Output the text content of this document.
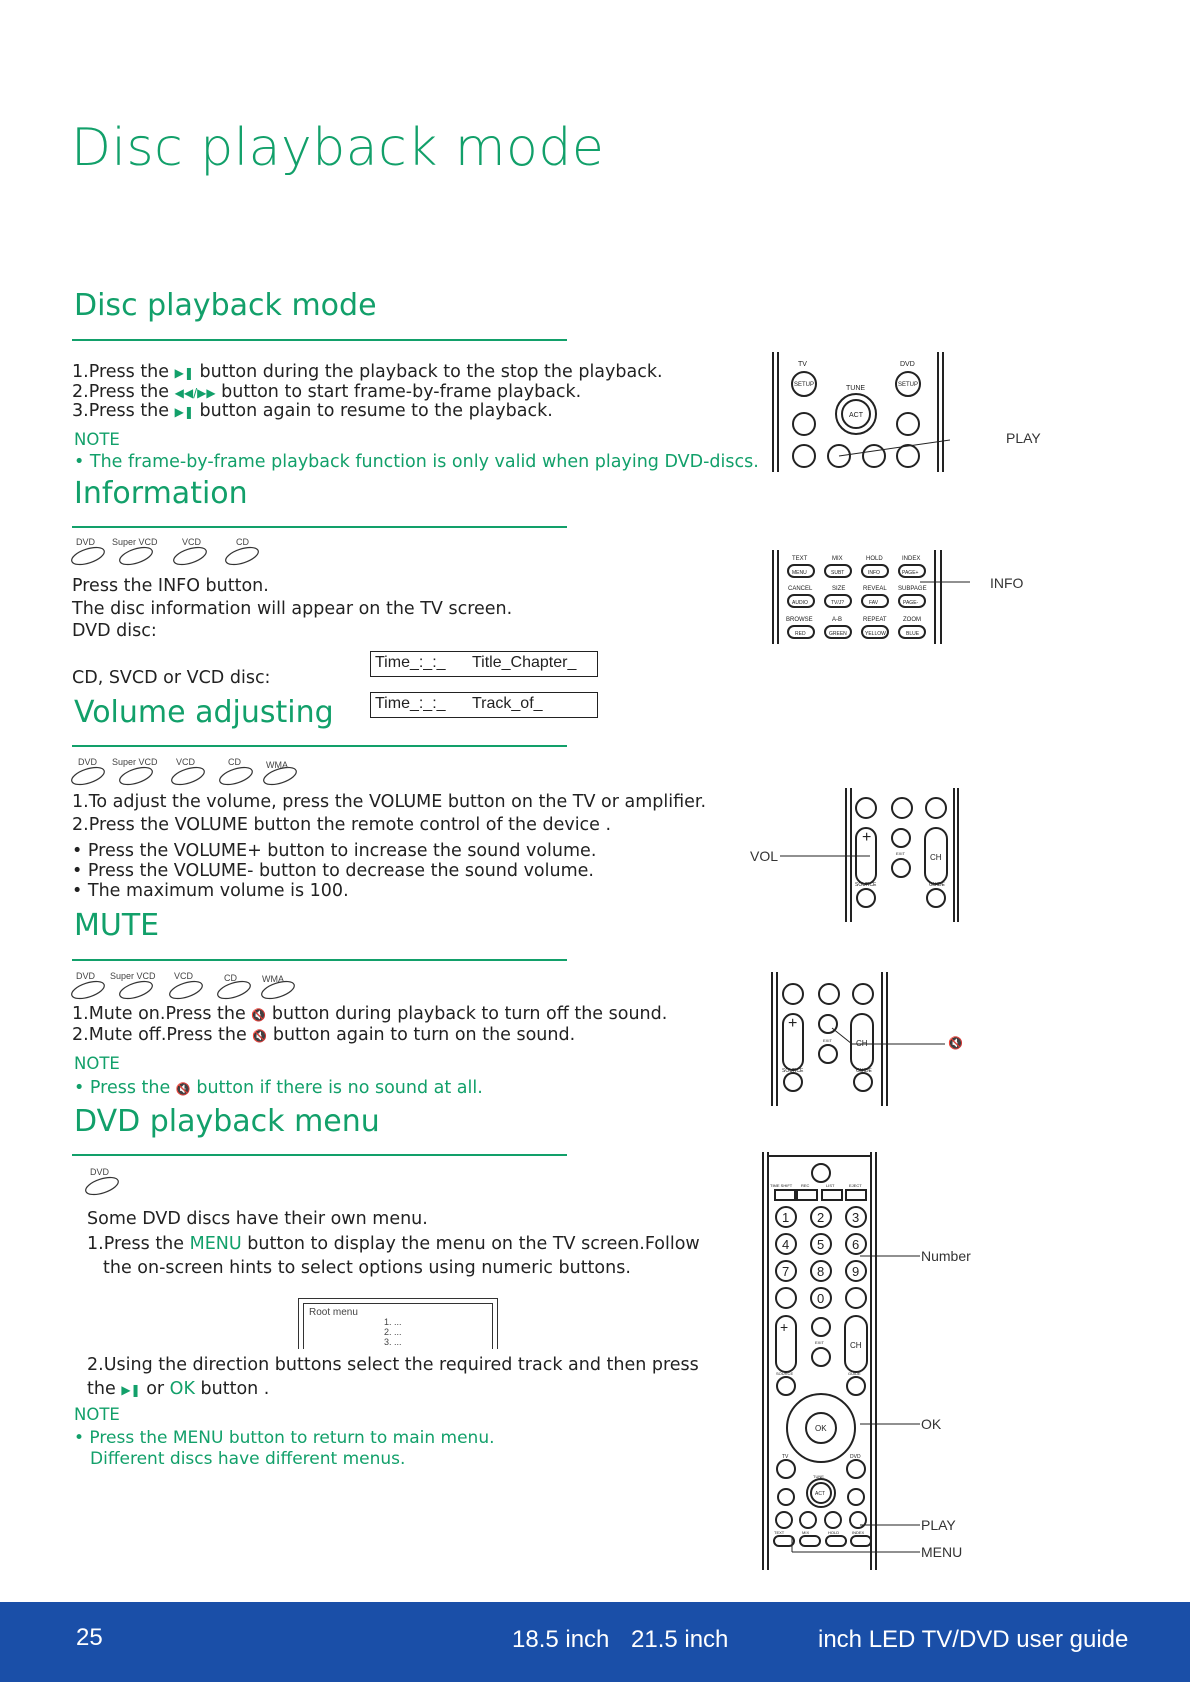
Disc playback mode
Disc playback mode
1.Press the ▶❚ button during the playback to the stop the playback.
2.Press the ◀◀/▶▶ button to start frame-by-frame playback.
3.Press the ▶❚ button again to resume to the playback.
NOTE
• The frame-by-frame playback function is only valid when playing DVD-discs.
Information
DVD Super VCD	VCD	CD
Press the INFO button.
The disc information will appear on the TV screen.
DVD disc:
CD, SVCD or VCD disc:
Time_:_:_ Title_Chapter_
Time_:_:_ Track_of_
Volume adjusting
DVD Super VCD VCD	CD	WMA
1.To adjust the volume, press the VOLUME button on the TV or amplifier.
2.Press the VOLUME button the remote control of the device .
• Press the VOLUME+ button to increase the sound volume.
• Press the VOLUME- button to decrease the sound volume.
• The maximum volume is 100.
MUTE
DVD Super VCD VCD	CD	WMA
1.Mute on.Press the 🔇 button during playback to turn off the sound.
2.Mute off.Press the 🔇 button again to turn on the sound.
NOTE
• Press the 🔇 button if there is no sound at all.
DVD playback menu
DVD
Some DVD discs have their own menu.
1.Press the MENU button to display the menu on the TV screen.Follow
the on-screen hints to select options using numeric buttons.
Root menu
1. ...
2. ...
3. ...
2.Using the direction buttons select the required track and then press
the ▶❚ or OK button .
NOTE
• Press the MENU button to return to main menu.
Different discs have different menus.
TV	DVD
SETUP	SETUP
TUNE
ACT
PLAY
TEXT	MIX	HOLD	INDEX
MENU	SUBT	INFO	PAGE+
CANCEL	SIZE	REVEAL SUBPAGE
AUDIO	TV/J?	FAV	PAGE-
BROWSE	A-B	REPEAT	ZOOM
RED	GREEN	YELLOW	BLUE
INFO
+
CH
EXIT
SOURCE	GUIDE
VOL
+
CH
EXIT
SOURCE	GUIDE
🔇
TIME SHIFT REC	LIST	EJECT
1 2 3
4 5 6
7 8 9
0
+
CH
EXIT
SOURCE	GUIDE
OK
TV	DVD
TUNE
ACT
TEXT	MIX	HOLD	INDEX
Number
OK
PLAY
MENU
25	18.5 inch 21.5 inch	inch LED TV/DVD user guide
